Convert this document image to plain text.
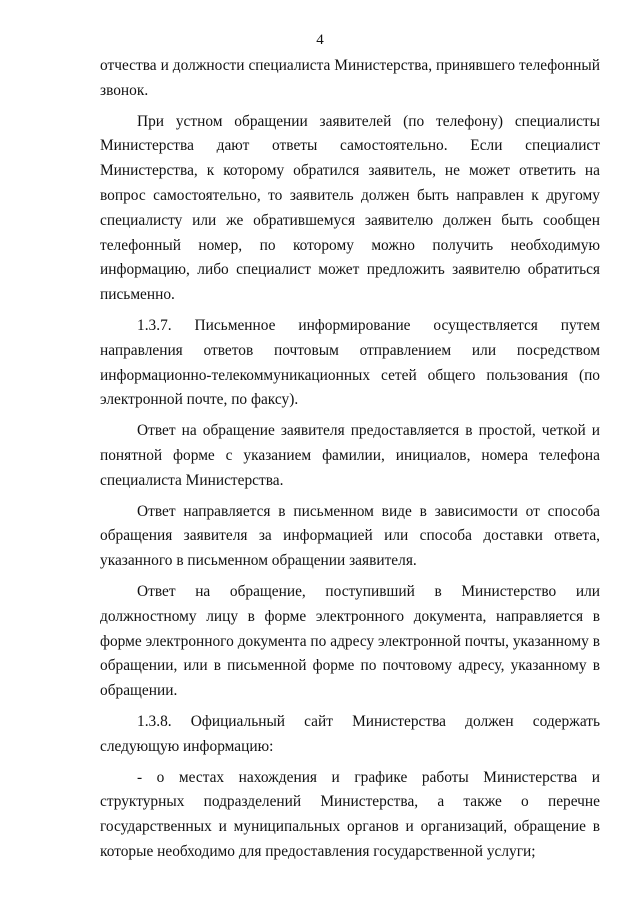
4

отчества и должности специалиста Министерства, принявшего телефонный звонок.

При устном обращении заявителей (по телефону) специалисты Министерства дают ответы самостоятельно. Если специалист Министерства, к которому обратился заявитель, не может ответить на вопрос самостоятельно, то заявитель должен быть направлен к другому специалисту или же обратившемуся заявителю должен быть сообщен телефонный номер, по которому можно получить необходимую информацию, либо специалист может предложить заявителю обратиться письменно.

1.3.7. Письменное информирование осуществляется путем направления ответов почтовым отправлением или посредством информационно-телекоммуникационных сетей общего пользования (по электронной почте, по факсу).

Ответ на обращение заявителя предоставляется в простой, четкой и понятной форме с указанием фамилии, инициалов, номера телефона специалиста Министерства.

Ответ направляется в письменном виде в зависимости от способа обращения заявителя за информацией или способа доставки ответа, указанного в письменном обращении заявителя.

Ответ на обращение, поступивший в Министерство или должностному лицу в форме электронного документа, направляется в форме электронного документа по адресу электронной почты, указанному в обращении, или в письменной форме по почтовому адресу, указанному в обращении.

1.3.8. Официальный сайт Министерства должен содержать следующую информацию:

- о местах нахождения и графике работы Министерства и структурных подразделений Министерства, а также о перечне государственных и муниципальных органов и организаций, обращение в которые необходимо для предоставления государственной услуги;
